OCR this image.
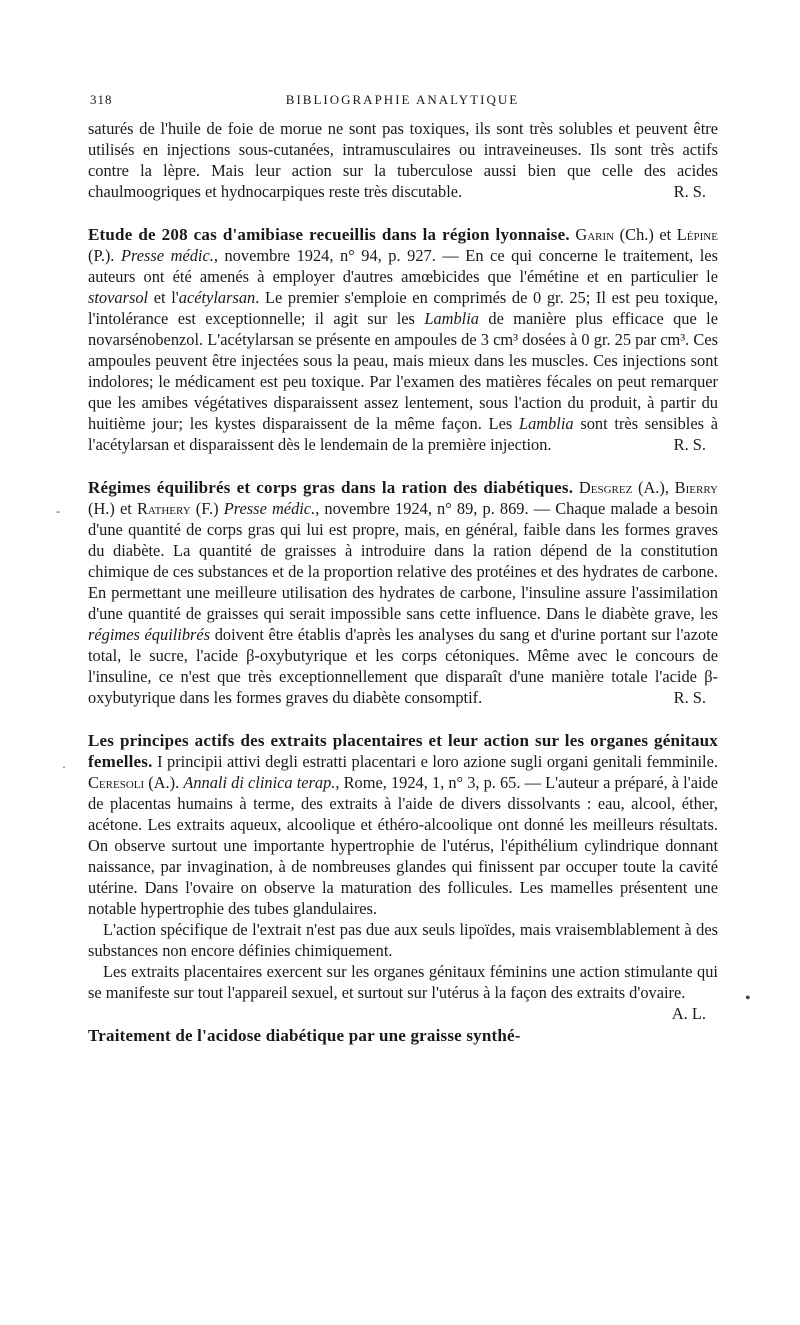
318	BIBLIOGRAPHIE ANALYTIQUE
-
·
•

saturés de l'huile de foie de morue ne sont pas toxiques, ils sont très solubles et peuvent être utilisés en injections sous-cutanées, intramusculaires ou intraveineuses. Ils sont très actifs contre la lèpre. Mais leur action sur la tuberculose aussi bien que celle des acides chaulmoogriques et hydnocarpiques reste très discutable.	R. S.

Etude de 208 cas d'amibiase recueillis dans la région lyonnaise. Garin (Ch.) et Lépine (P.). Presse médic., novembre 1924, n° 94, p. 927. — En ce qui concerne le traitement, les auteurs ont été amenés à employer d'autres amœbicides que l'émétine et en particulier le stovarsol et l'acétylarsan. Le premier s'emploie en comprimés de 0 gr. 25; Il est peu toxique, l'intolérance est exceptionnelle; il agit sur les Lamblia de manière plus efficace que le novarsénobenzol. L'acétylarsan se présente en ampoules de 3 cm³ dosées à 0 gr. 25 par cm³. Ces ampoules peuvent être injectées sous la peau, mais mieux dans les muscles. Ces injections sont indolores; le médicament est peu toxique. Par l'examen des matières fécales on peut remarquer que les amibes végétatives disparaissent assez lentement, sous l'action du produit, à partir du huitième jour; les kystes disparaissent de la même façon. Les Lamblia sont très sensibles à l'acétylarsan et disparaissent dès le lendemain de la première injection.	R. S.

Régimes équilibrés et corps gras dans la ration des diabétiques. Desgrez (A.), Bierry (H.) et Rathery (F.) Presse médic., novembre 1924, n° 89, p. 869. — Chaque malade a besoin d'une quantité de corps gras qui lui est propre, mais, en général, faible dans les formes graves du diabète. La quantité de graisses à introduire dans la ration dépend de la constitution chimique de ces substances et de la proportion relative des protéines et des hydrates de carbone. En permettant une meilleure utilisation des hydrates de carbone, l'insuline assure l'assimilation d'une quantité de graisses qui serait impossible sans cette influence. Dans le diabète grave, les régimes équilibrés doivent être établis d'après les analyses du sang et d'urine portant sur l'azote total, le sucre, l'acide β-oxybutyrique et les corps cétoniques. Même avec le concours de l'insuline, ce n'est que très exceptionnellement que disparaît d'une manière totale l'acide β-oxybutyrique dans les formes graves du diabète consomptif.	R. S.

Les principes actifs des extraits placentaires et leur action sur les organes génitaux femelles. I principii attivi degli estratti placentari e loro azione sugli organi genitali femminile. Ceresoli (A.). Annali di clinica terap., Rome, 1924, 1, n° 3, p. 65. — L'auteur a préparé, à l'aide de placentas humains à terme, des extraits à l'aide de divers dissolvants : eau, alcool, éther, acétone. Les extraits aqueux, alcoolique et éthéro-alcoolique ont donné les meilleurs résultats. On observe surtout une importante hypertrophie de l'utérus, l'épithélium cylindrique donnant naissance, par invagination, à de nombreuses glandes qui finissent par occuper toute la cavité utérine. Dans l'ovaire on observe la maturation des follicules. Les mamelles présentent une notable hypertrophie des tubes glandulaires.

L'action spécifique de l'extrait n'est pas due aux seuls lipoïdes, mais vraisemblablement à des substances non encore définies chimiquement.

Les extraits placentaires exercent sur les organes génitaux féminins une action stimulante qui se manifeste sur tout l'appareil sexuel, et surtout sur l'utérus à la façon des extraits d'ovaire.
A. L.

Traitement de l'acidose diabétique par une graisse synthé-
